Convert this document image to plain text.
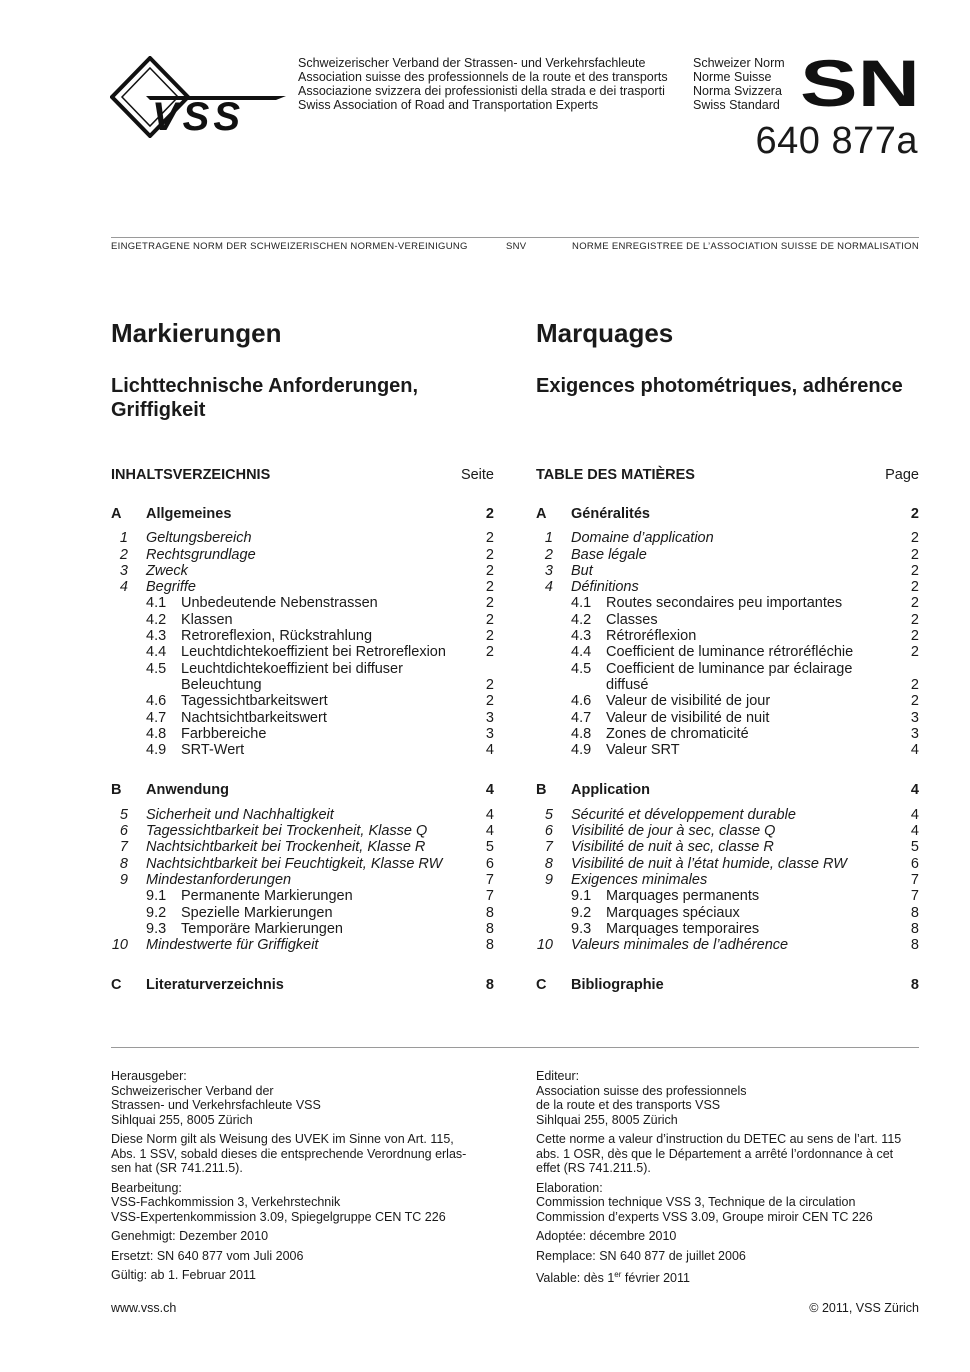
VSS
Schweizerischer Verband der Strassen- und Verkehrsfachleute
Association suisse des professionnels de la route et des transports
Associazione svizzera dei professionisti della strada e dei trasporti
Swiss Association of Road and Transportation Experts
Schweizer Norm
Norme Suisse
Norma Svizzera
Swiss Standard SN
640 877a
EINGETRAGENE NORM DER SCHWEIZERISCHEN NORMEN-VEREINIGUNG	SNV	NORME ENREGISTREE DE L’ASSOCIATION SUISSE DE NORMALISATION
Markierungen
Lichttechnische Anforderungen, Griffigkeit
INHALTSVERZEICHNIS	Seite
A	Allgemeines	2
1 Geltungsbereich	2
2 Rechtsgrundlage	2
3 Zweck	2
4 Begriffe	2
4.1	Unbedeutende Nebenstrassen	2
4.2	Klassen	2
4.3	Retroreflexion, Rückstrahlung	2
4.4	Leuchtdichtekoeffizient bei Retroreflexion	2
4.5	Leuchtdichtekoeffizient bei diffuser Beleuchtung	2
4.6	Tagessichtbarkeitswert	2
4.7	Nachtsichtbarkeitswert	3
4.8	Farbbereiche	3
4.9	SRT-Wert	4
B	Anwendung	4
5 Sicherheit und Nachhaltigkeit	4
6 Tagessichtbarkeit bei Trockenheit, Klasse Q	4
7 Nachtsichtbarkeit bei Trockenheit, Klasse R	5
8 Nachtsichtbarkeit bei Feuchtigkeit, Klasse RW	6
9 Mindestanforderungen	7
9.1	Permanente Markierungen	7
9.2	Spezielle Markierungen	8
9.3	Temporäre Markierungen	8
10 Mindestwerte für Griffigkeit	8
C	Literaturverzeichnis	8
Marquages
Exigences photométriques, adhérence
TABLE DES MATIÈRES	Page
A	Généralités	2
1 Domaine d’application	2
2 Base légale	2
3 But	2
4 Définitions	2
4.1	Routes secondaires peu importantes	2
4.2	Classes	2
4.3	Rétroréflexion	2
4.4	Coefficient de luminance rétroréfléchie	2
4.5	Coefficient de luminance par éclairage diffusé	2
4.6	Valeur de visibilité de jour	2
4.7	Valeur de visibilité de nuit	3
4.8	Zones de chromaticité	3
4.9	Valeur SRT	4
B	Application	4
5 Sécurité et développement durable	4
6 Visibilité de jour à sec, classe Q	4
7 Visibilité de nuit à sec, classe R	5
8 Visibilité de nuit à l’état humide, classe RW	6
9 Exigences minimales	7
9.1	Marquages permanents	7
9.2	Marquages spéciaux	8
9.3	Marquages temporaires	8
10 Valeurs minimales de l’adhérence	8
C	Bibliographie	8

Herausgeber:
Schweizerischer Verband der
Strassen- und Verkehrsfachleute VSS
Sihlquai 255, 8005 Zürich

Diese Norm gilt als Weisung des UVEK im Sinne von Art. 115,
Abs. 1 SSV, sobald dieses die entsprechende Verordnung erlas-
sen hat (SR 741.211.5).

Bearbeitung:
VSS-Fachkommission 3, Verkehrstechnik
VSS-Expertenkommission 3.09, Spiegelgruppe CEN TC 226

Genehmigt: Dezember 2010

Ersetzt: SN 640 877 vom Juli 2006

Gültig: ab 1. Februar 2011

Editeur:
Association suisse des professionnels
de la route et des transports VSS
Sihlquai 255, 8005 Zürich

Cette norme a valeur d’instruction du DETEC au sens de l’art. 115
abs. 1 OSR, dès que le Département a arrêté l’ordonnance à cet
effet (RS 741.211.5).

Elaboration:
Commission technique VSS 3, Technique de la circulation
Commission d’experts VSS 3.09, Groupe miroir CEN TC 226

Adoptée: décembre 2010

Remplace: SN 640 877 de juillet 2006

Valable: dès 1er février 2011

www.vss.ch	© 2011, VSS Zürich
